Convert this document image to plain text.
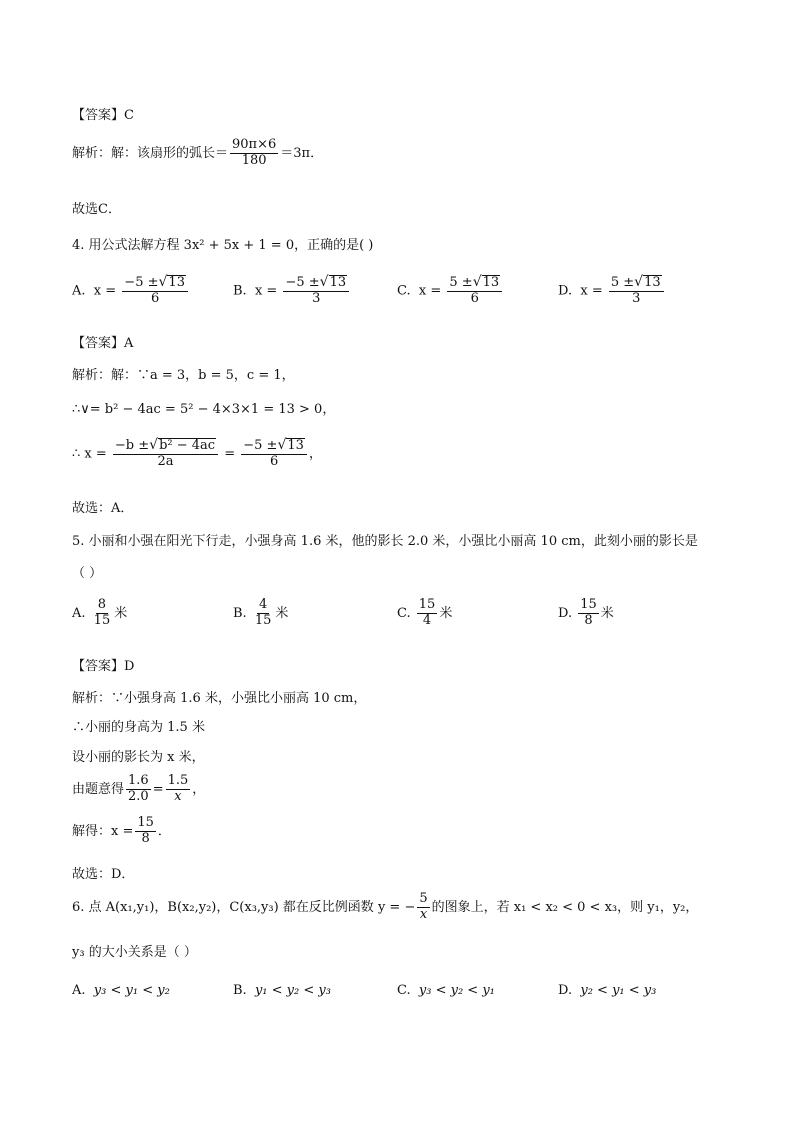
【答案】C
解析：解：该扇形的弧长＝ $\frac{90\pi\times 6}{180} =3\pi$．
故选C．
4. 用公式法解方程 3x² + 5x + 1 = 0，正确的是( )
A. $x = \frac{-5 \pm √ 13}{6}$	B. $x = \frac{-5 \pm √ 13}{3}$	C. $x = \frac{5 \pm √ 13}{6}$	D. $x = \frac{5 \pm √ 13}{3}$
【答案】A
解析：解：∵a = 3，b = 5，c = 1，
∴∨= b² − 4ac = 5² − 4×3×1 = 13 > 0，
∴ $x = \frac{\text{−b ± √ b² − 4ac}}{2a} = \frac{-5 \pm √ 13}{6}$ ，
故选：A．
5. 小丽和小强在阳光下行走，小强身高 1.6 米，他的影长 2.0 米，小强比小丽高 10 cm，此刻小丽的影长是
（ ）
A. $\frac{8}{15}$ 米	B. $\frac{4}{15}$ 米	C. $\frac{15}{4}$ 米	D. $\frac{15}{8}$ 米
【答案】D
解析：∵小强身高 1.6 米，小强比小丽高 10 cm，
∴小丽的身高为 1.5 米
设小丽的影长为 x 米，
由题意得 $\frac{1.6}{2.0} = \frac{1.5}{x}$ ，
解得：$x = \frac{15}{8}$ ．
故选：D．
6. 点 A(x₁,y₁)，B(x₂,y₂)，C(x₃,y₃) 都在反比例函数 y = − $\frac{5}{x}$ 的图象上，若 x₁ < x₂ < 0 < x₃，则 y₁，y₂，
y₃ 的大小关系是（ ）
A. y₃ < y₁ < y₂	B. y₁ < y₂ < y₃	C. y₃ < y₂ < y₁	D. y₂ < y₁ < y₃
